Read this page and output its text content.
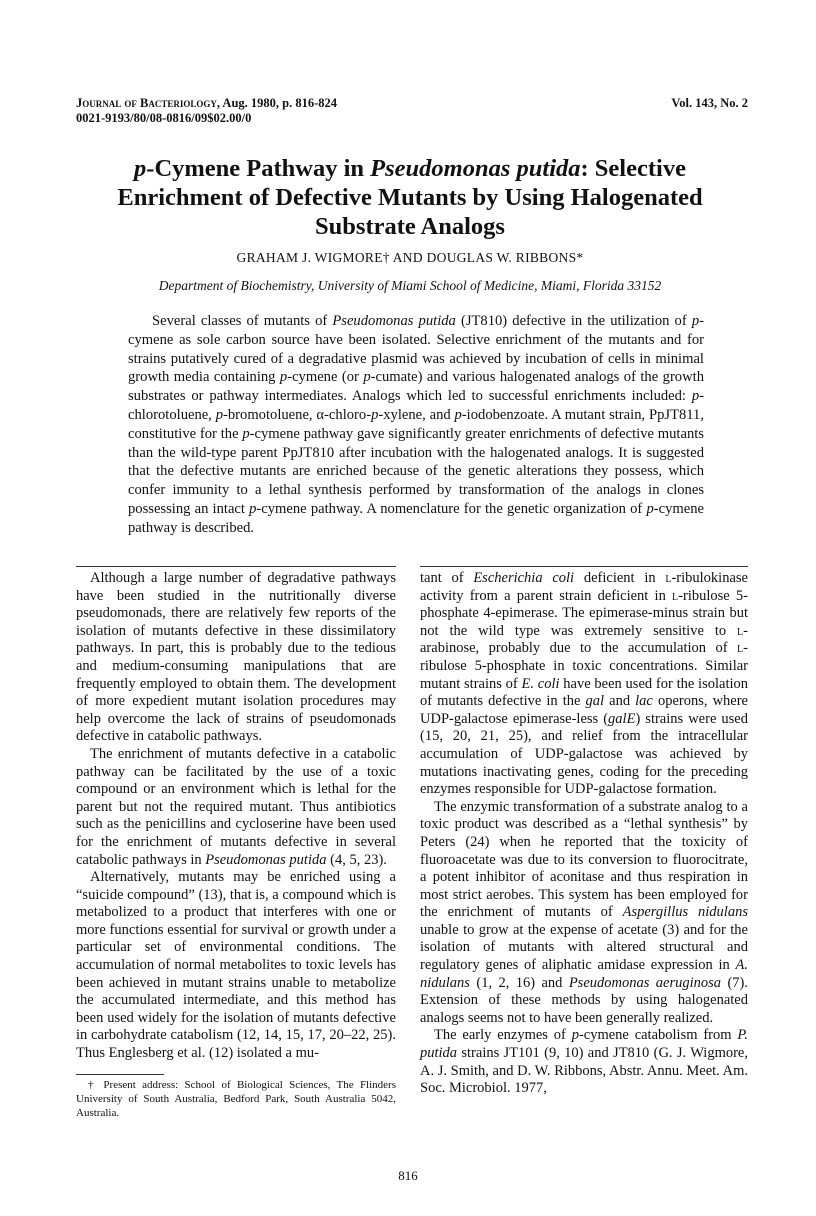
Journal of Bacteriology, Aug. 1980, p. 816-824
0021-9193/80/08-0816/09$02.00/0
Vol. 143, No. 2
p-Cymene Pathway in Pseudomonas putida: Selective Enrichment of Defective Mutants by Using Halogenated Substrate Analogs
GRAHAM J. WIGMORE† AND DOUGLAS W. RIBBONS*
Department of Biochemistry, University of Miami School of Medicine, Miami, Florida 33152

Several classes of mutants of Pseudomonas putida (JT810) defective in the utilization of p-cymene as sole carbon source have been isolated. Selective enrichment of the mutants and for strains putatively cured of a degradative plasmid was achieved by incubation of cells in minimal growth media containing p-cymene (or p-cumate) and various halogenated analogs of the growth substrates or pathway intermediates. Analogs which led to successful enrichments included: p-chlorotoluene, p-bromotoluene, α-chloro-p-xylene, and p-iodobenzoate. A mutant strain, PpJT811, constitutive for the p-cymene pathway gave significantly greater enrichments of defective mutants than the wild-type parent PpJT810 after incubation with the halogenated analogs. It is suggested that the defective mutants are enriched because of the genetic alterations they possess, which confer immunity to a lethal synthesis performed by transformation of the analogs in clones possessing an intact p-cymene pathway. A nomenclature for the genetic organization of p-cymene pathway is described.

Although a large number of degradative pathways have been studied in the nutritionally diverse pseudomonads, there are relatively few reports of the isolation of mutants defective in these dissimilatory pathways. In part, this is probably due to the tedious and medium-consuming manipulations that are frequently employed to obtain them. The development of more expedient mutant isolation procedures may help overcome the lack of strains of pseudomonads defective in catabolic pathways.

The enrichment of mutants defective in a catabolic pathway can be facilitated by the use of a toxic compound or an environment which is lethal for the parent but not the required mutant. Thus antibiotics such as the penicillins and cycloserine have been used for the enrichment of mutants defective in several catabolic pathways in Pseudomonas putida (4, 5, 23).

Alternatively, mutants may be enriched using a “suicide compound” (13), that is, a compound which is metabolized to a product that interferes with one or more functions essential for survival or growth under a particular set of environmental conditions. The accumulation of normal metabolites to toxic levels has been achieved in mutant strains unable to metabolize the accumulated intermediate, and this method has been used widely for the isolation of mutants defective in carbohydrate catabolism (12, 14, 15, 17, 20–22, 25). Thus Englesberg et al. (12) isolated a mu-

tant of Escherichia coli deficient in l-ribulokinase activity from a parent strain deficient in l-ribulose 5-phosphate 4-epimerase. The epimerase-minus strain but not the wild type was extremely sensitive to l-arabinose, probably due to the accumulation of l-ribulose 5-phosphate in toxic concentrations. Similar mutant strains of E. coli have been used for the isolation of mutants defective in the gal and lac operons, where UDP-galactose epimerase-less (galE) strains were used (15, 20, 21, 25), and relief from the intracellular accumulation of UDP-galactose was achieved by mutations inactivating genes, coding for the preceding enzymes responsible for UDP-galactose formation.

The enzymic transformation of a substrate analog to a toxic product was described as a “lethal synthesis” by Peters (24) when he reported that the toxicity of fluoroacetate was due to its conversion to fluorocitrate, a potent inhibitor of aconitase and thus respiration in most strict aerobes. This system has been employed for the enrichment of mutants of Aspergillus nidulans unable to grow at the expense of acetate (3) and for the isolation of mutants with altered structural and regulatory genes of aliphatic amidase expression in A. nidulans (1, 2, 16) and Pseudomonas aeruginosa (7). Extension of these methods by using halogenated analogs seems not to have been generally realized.

The early enzymes of p-cymene catabolism from P. putida strains JT101 (9, 10) and JT810 (G. J. Wigmore, A. J. Smith, and D. W. Ribbons, Abstr. Annu. Meet. Am. Soc. Microbiol. 1977,

† Present address: School of Biological Sciences, The Flinders University of South Australia, Bedford Park, South Australia 5042, Australia.

816
